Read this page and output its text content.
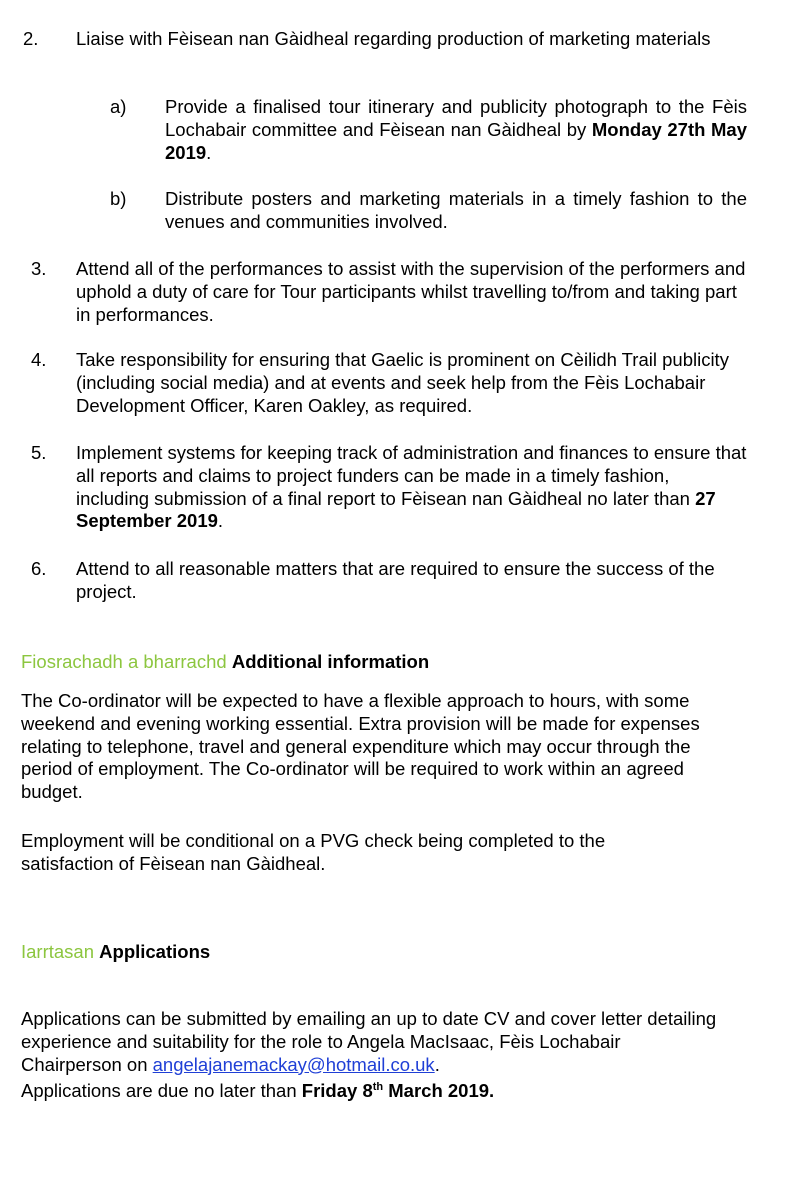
2. Liaise with Fèisean nan Gàidheal regarding production of marketing materials
a) Provide a finalised tour itinerary and publicity photograph to the Fèis Lochabair committee and Fèisean nan Gàidheal by Monday 27th May 2019.
b) Distribute posters and marketing materials in a timely fashion to the venues and communities involved.
3. Attend all of the performances to assist with the supervision of the performers and uphold a duty of care for Tour participants whilst travelling to/from and taking part in performances.
4. Take responsibility for ensuring that Gaelic is prominent on Cèilidh Trail publicity (including social media) and at events and seek help from the Fèis Lochabair Development Officer, Karen Oakley, as required.
5. Implement systems for keeping track of administration and finances to ensure that all reports and claims to project funders can be made in a timely fashion, including submission of a final report to Fèisean nan Gàidheal no later than 27 September 2019.
6. Attend to all reasonable matters that are required to ensure the success of the project.
Fiosrachadh a bharrachd Additional information
The Co-ordinator will be expected to have a flexible approach to hours, with some weekend and evening working essential. Extra provision will be made for expenses relating to telephone, travel and general expenditure which may occur through the period of employment. The Co-ordinator will be required to work within an agreed budget.
Employment will be conditional on a PVG check being completed to the satisfaction of Fèisean nan Gàidheal.
Iarrtasan Applications
Applications can be submitted by emailing an up to date CV and cover letter detailing experience and suitability for the role to Angela MacIsaac, Fèis Lochabair Chairperson on angelajanemackay@hotmail.co.uk.
Applications are due no later than Friday 8th March 2019.
